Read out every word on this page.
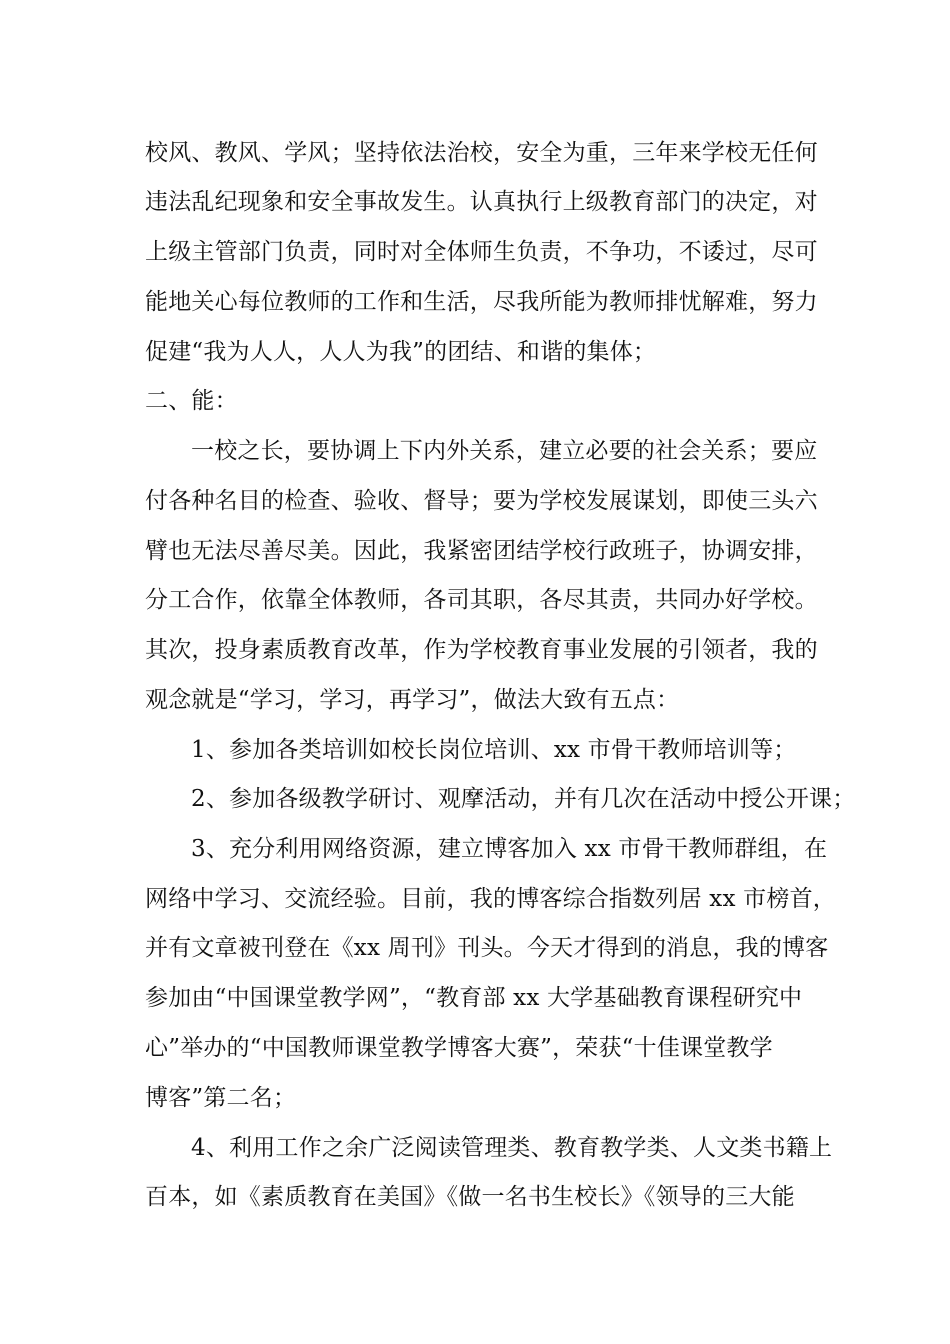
校风、教风、学风；坚持依法治校，安全为重，三年来学校无任何
违法乱纪现象和安全事故发生。认真执行上级教育部门的决定，对
上级主管部门负责，同时对全体师生负责，不争功，不诿过，尽可
能地关心每位教师的工作和生活，尽我所能为教师排忧解难，努力
促建“我为人人，人人为我”的团结、和谐的集体；
二、能：
一校之长，要协调上下内外关系，建立必要的社会关系；要应
付各种名目的检查、验收、督导；要为学校发展谋划，即使三头六
臂也无法尽善尽美。因此，我紧密团结学校行政班子，协调安排，
分工合作，依靠全体教师，各司其职，各尽其责，共同办好学校。
其次，投身素质教育改革，作为学校教育事业发展的引领者，我的
观念就是“学习，学习，再学习”，做法大致有五点：
1、参加各类培训如校长岗位培训、xx 市骨干教师培训等；
2、参加各级教学研讨、观摩活动，并有几次在活动中授公开课；
3、充分利用网络资源，建立博客加入 xx 市骨干教师群组，在
网络中学习、交流经验。目前，我的博客综合指数列居 xx 市榜首，
并有文章被刊登在《xx 周刊》刊头。今天才得到的消息，我的博客
参加由“中国课堂教学网”，“教育部 xx 大学基础教育课程研究中
心”举办的“中国教师课堂教学博客大赛”，荣获“十佳课堂教学
博客”第二名；
4、利用工作之余广泛阅读管理类、教育教学类、人文类书籍上
百本，如《素质教育在美国》《做一名书生校长》《领导的三大能
